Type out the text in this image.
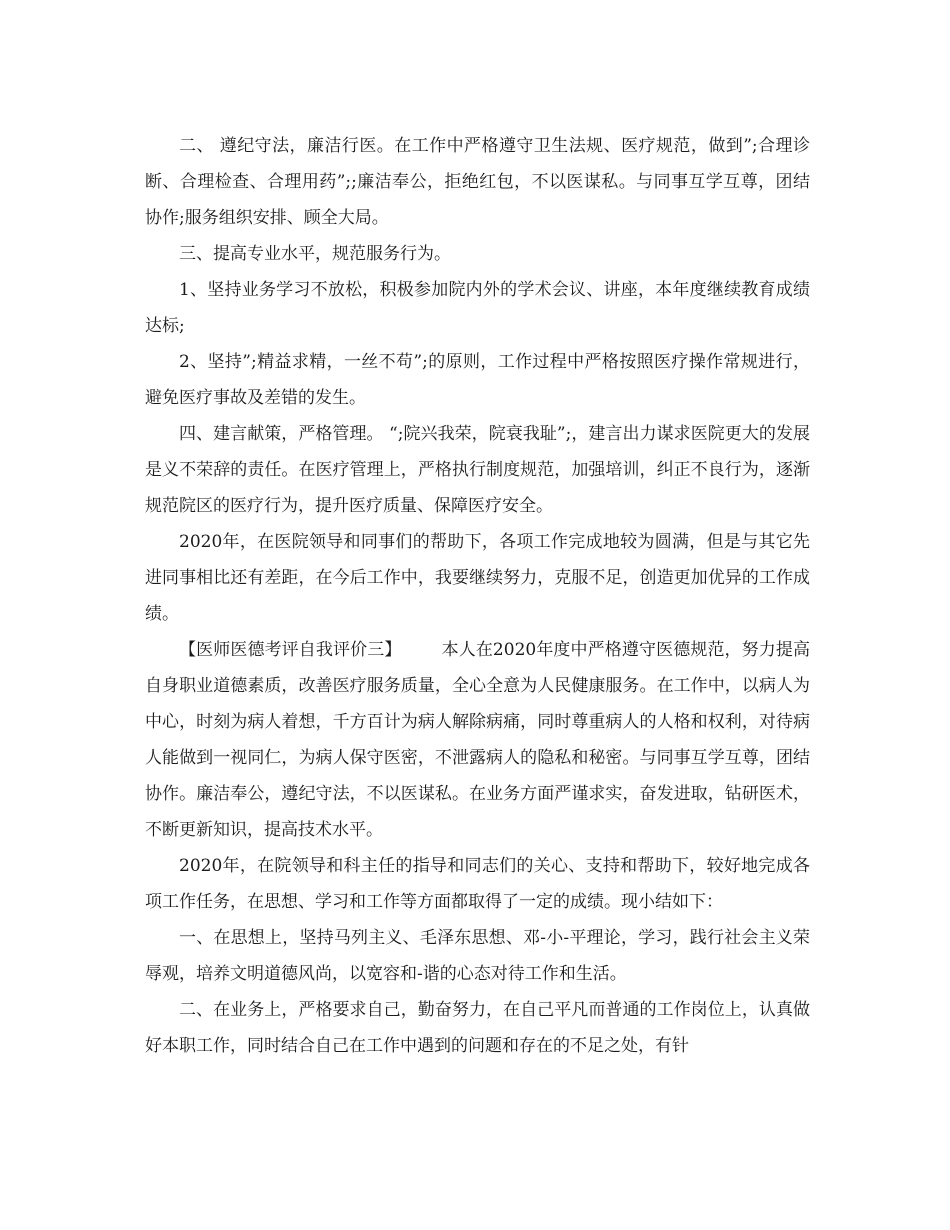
二、 遵纪守法，廉洁行医。在工作中严格遵守卫生法规、医疗规范，做到”;合理诊断、合理检查、合理用药”;;廉洁奉公，拒绝红包，不以医谋私。与同事互学互尊，团结协作;服务组织安排、顾全大局。

三、提高专业水平，规范服务行为。

1、坚持业务学习不放松，积极参加院内外的学术会议、讲座，本年度继续教育成绩达标;

2、坚持”;精益求精，一丝不苟”;的原则，工作过程中严格按照医疗操作常规进行，避免医疗事故及差错的发生。

四、建言献策，严格管理。 “;院兴我荣，院衰我耻”;，建言出力谋求医院更大的发展是义不荣辞的责任。在医疗管理上，严格执行制度规范，加强培训，纠正不良行为，逐渐规范院区的医疗行为，提升医疗质量、保障医疗安全。

2020年，在医院领导和同事们的帮助下，各项工作完成地较为圆满，但是与其它先进同事相比还有差距，在今后工作中，我要继续努力，克服不足，创造更加优异的工作成绩。

【医师医德考评自我评价三】 本人在2020年度中严格遵守医德规范，努力提高自身职业道德素质，改善医疗服务质量，全心全意为人民健康服务。在工作中，以病人为中心，时刻为病人着想，千方百计为病人解除病痛，同时尊重病人的人格和权利，对待病人能做到一视同仁，为病人保守医密，不泄露病人的隐私和秘密。与同事互学互尊，团结协作。廉洁奉公，遵纪守法，不以医谋私。在业务方面严谨求实，奋发进取，钻研医术，不断更新知识，提高技术水平。

2020年，在院领导和科主任的指导和同志们的关心、支持和帮助下，较好地完成各项工作任务，在思想、学习和工作等方面都取得了一定的成绩。现小结如下：

一、在思想上，坚持马列主义、毛泽东思想、邓-小-平理论，学习，践行社会主义荣辱观，培养文明道德风尚，以宽容和-谐的心态对待工作和生活。

二、在业务上，严格要求自己，勤奋努力，在自己平凡而普通的工作岗位上，认真做好本职工作，同时结合自己在工作中遇到的问题和存在的不足之处，有针
